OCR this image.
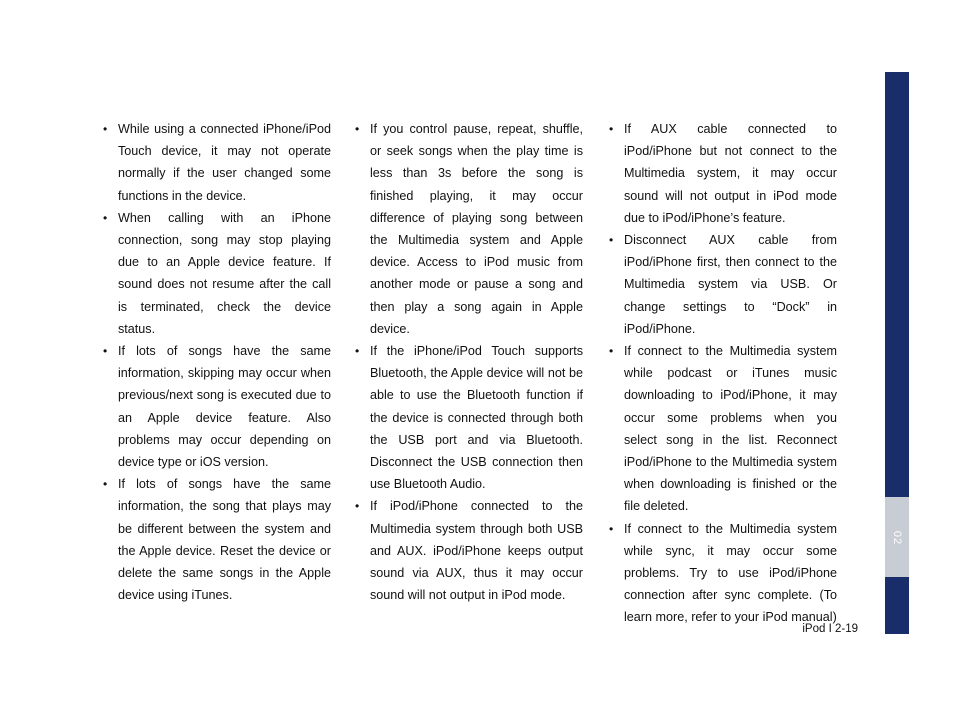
• While using a connected iPhone/iPod Touch device, it may not operate normally if the user changed some functions in the device.
• When calling with an iPhone connection, song may stop playing due to an Apple device feature. If sound does not resume after the call is terminated, check the device status.
• If lots of songs have the same information, skipping may occur when previous/next song is executed due to an Apple device feature. Also problems may occur depending on device type or iOS version.
• If lots of songs have the same information, the song that plays may be different between the system and the Apple device. Reset the device or delete the same songs in the Apple device using iTunes.
• If you control pause, repeat, shuffle, or seek songs when the play time is less than 3s before the song is finished playing, it may occur difference of playing song between the Multimedia system and Apple device. Access to iPod music from another mode or pause a song and then play a song again in Apple device.
• If the iPhone/iPod Touch supports Bluetooth, the Apple device will not be able to use the Bluetooth function if the device is connected through both the USB port and via Bluetooth. Disconnect the USB connection then use Bluetooth Audio.
• If iPod/iPhone connected to the Multimedia system through both USB and AUX. iPod/iPhone keeps output sound via AUX, thus it may occur sound will not output in iPod mode.
• If AUX cable connected to iPod/iPhone but not connect to the Multimedia system, it may occur sound will not output in iPod mode due to iPod/iPhone’s feature.
• Disconnect AUX cable from iPod/iPhone first, then connect to the Multimedia system via USB. Or change settings to “Dock” in iPod/iPhone.
• If connect to the Multimedia system while podcast or iTunes music downloading to iPod/iPhone, it may occur some problems when you select song in the list. Reconnect iPod/iPhone to the Multimedia system when downloading is finished or the file deleted.
• If connect to the Multimedia system while sync, it may occur some problems. Try to use iPod/iPhone connection after sync complete. (To learn more, refer to your iPod manual)
02
iPod I 2-19
